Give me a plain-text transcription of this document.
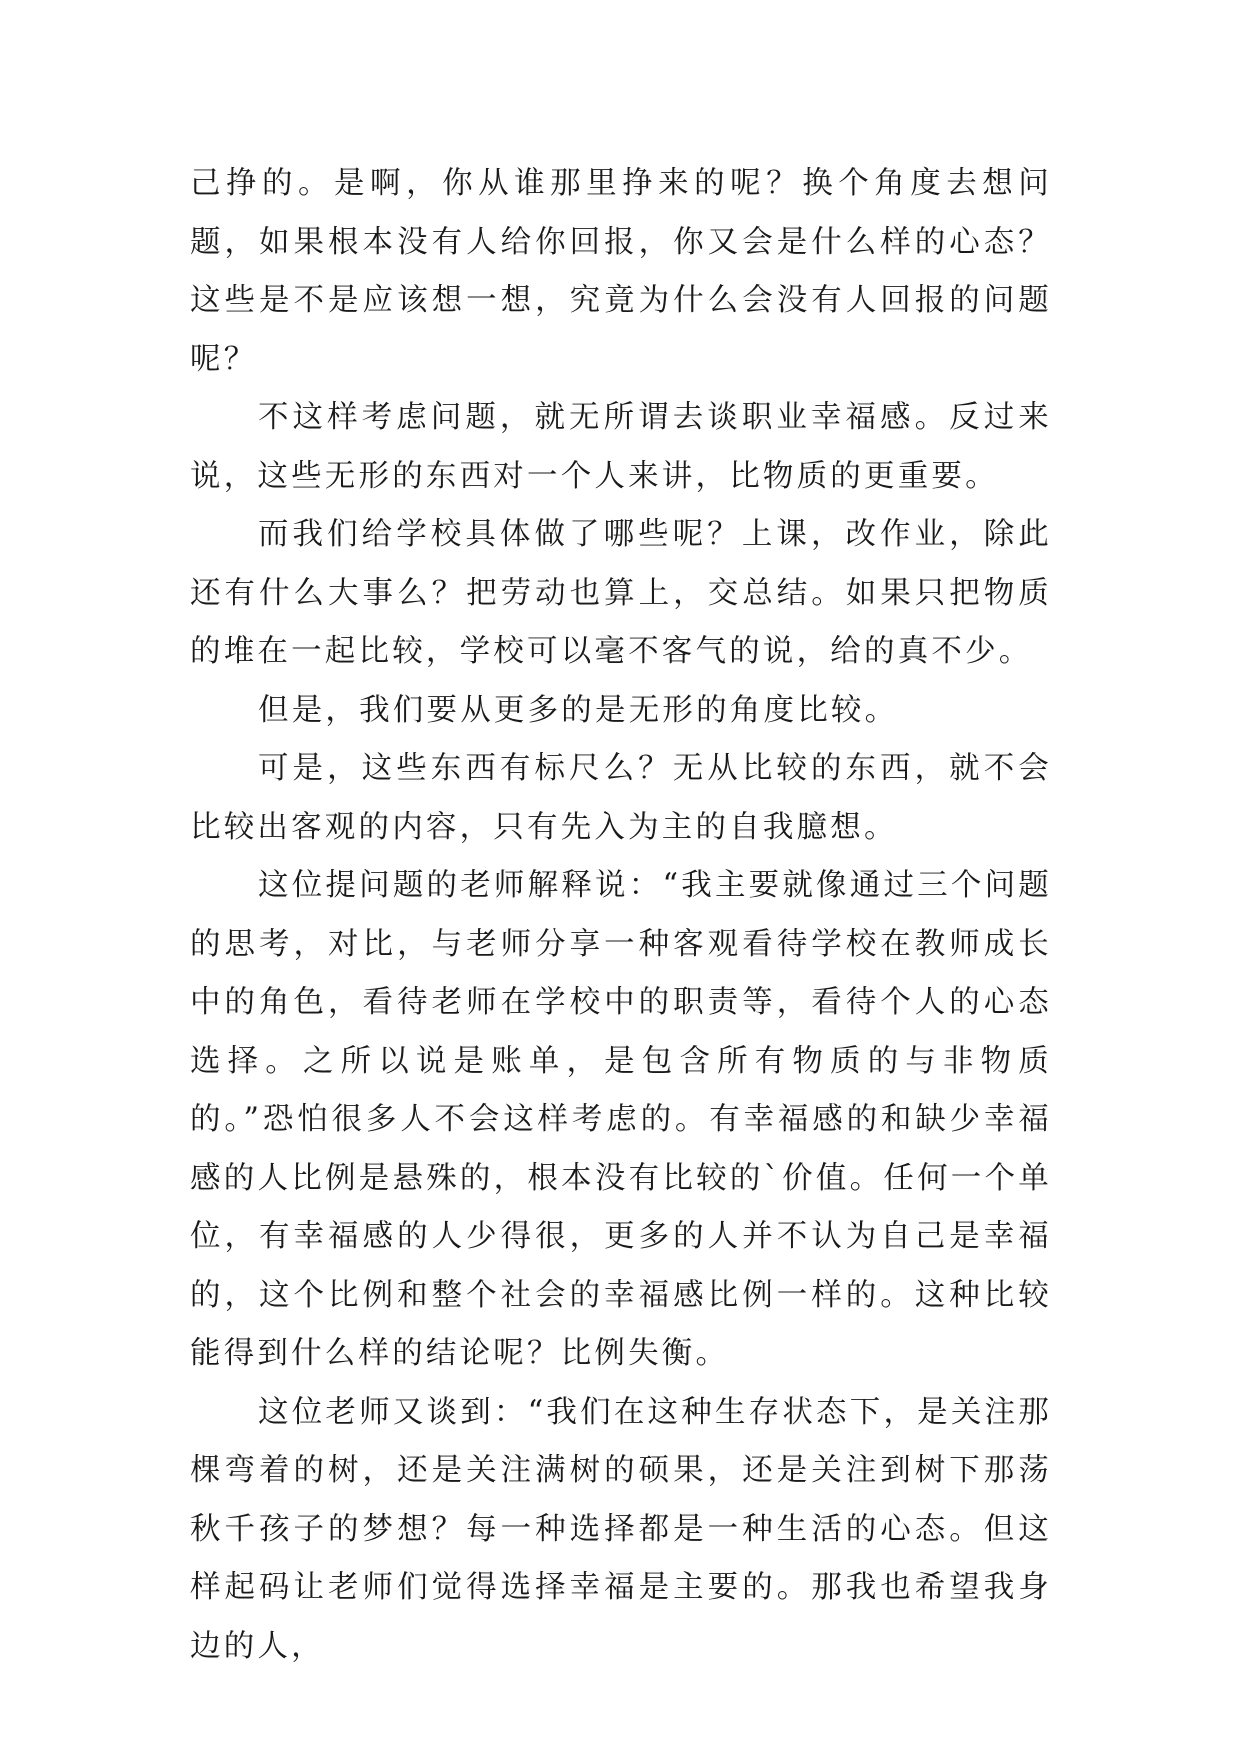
己挣的。是啊，你从谁那里挣来的呢？换个角度去想问题，如果根本没有人给你回报，你又会是什么样的心态？这些是不是应该想一想，究竟为什么会没有人回报的问题呢？

不这样考虑问题，就无所谓去谈职业幸福感。反过来说，这些无形的东西对一个人来讲，比物质的更重要。

而我们给学校具体做了哪些呢？上课，改作业，除此还有什么大事么？把劳动也算上，交总结。如果只把物质的堆在一起比较，学校可以毫不客气的说，给的真不少。

但是，我们要从更多的是无形的角度比较。

可是，这些东西有标尺么？无从比较的东西，就不会比较出客观的内容，只有先入为主的自我臆想。

这位提问题的老师解释说：“我主要就像通过三个问题的思考，对比，与老师分享一种客观看待学校在教师成长中的角色，看待老师在学校中的职责等，看待个人的心态选择。之所以说是账单，是包含所有物质的与非物质的。”恐怕很多人不会这样考虑的。有幸福感的和缺少幸福感的人比例是悬殊的，根本没有比较的`价值。任何一个单位，有幸福感的人少得很，更多的人并不认为自己是幸福的，这个比例和整个社会的幸福感比例一样的。这种比较能得到什么样的结论呢？比例失衡。

这位老师又谈到：“我们在这种生存状态下，是关注那棵弯着的树，还是关注满树的硕果，还是关注到树下那荡秋千孩子的梦想？每一种选择都是一种生活的心态。但这样起码让老师们觉得选择幸福是主要的。那我也希望我身边的人，
